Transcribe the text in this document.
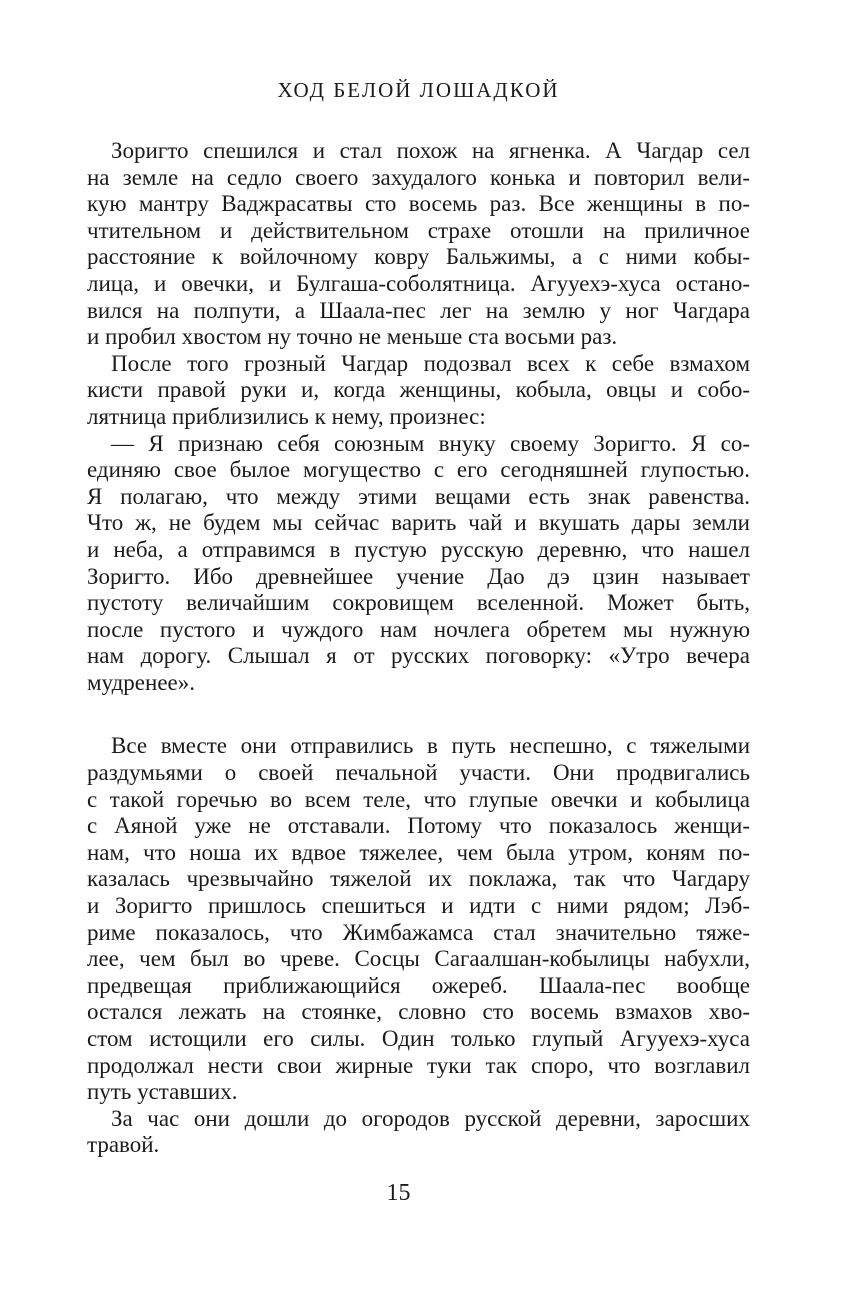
ХОД БЕЛОЙ ЛОШАДКОЙ
Зоригто спешился и стал похож на ягненка. А Чагдар сел
на земле на седло своего захудалого конька и повторил вели-
кую мантру Ваджрасатвы сто восемь раз. Все женщины в по-
чтительном и действительном страхе отошли на приличное
расстояние к войлочному ковру Бальжимы, а с ними кобы-
лица, и овечки, и Булгаша-соболятница. Агууехэ-хуса остано-
вился на полпути, а Шаала-пес лег на землю у ног Чагдара
и пробил хвостом ну точно не меньше ста восьми раз.
После того грозный Чагдар подозвал всех к себе взмахом
кисти правой руки и, когда женщины, кобыла, овцы и собо-
лятница приблизились к нему, произнес:
— Я признаю себя союзным внуку своему Зоригто. Я со-
единяю свое былое могущество с его сегодняшней глупостью.
Я полагаю, что между этими вещами есть знак равенства.
Что ж, не будем мы сейчас варить чай и вкушать дары земли
и неба, а отправимся в пустую русскую деревню, что нашел
Зоригто. Ибо древнейшее учение Дао дэ цзин называет
пустоту величайшим сокровищем вселенной. Может быть,
после пустого и чуждого нам ночлега обретем мы нужную
нам дорогу. Слышал я от русских поговорку: «Утро вечера
мудренее».
Все вместе они отправились в путь неспешно, с тяжелыми
раздумьями о своей печальной участи. Они продвигались
с такой горечью во всем теле, что глупые овечки и кобылица
с Аяной уже не отставали. Потому что показалось женщи-
нам, что ноша их вдвое тяжелее, чем была утром, коням по-
казалась чрезвычайно тяжелой их поклажа, так что Чагдару
и Зоригто пришлось спешиться и идти с ними рядом; Лэб-
риме показалось, что Жимбажамса стал значительно тяже-
лее, чем был во чреве. Сосцы Сагаалшан-кобылицы набухли,
предвещая приближающийся ожереб. Шаала-пес вообще
остался лежать на стоянке, словно сто восемь взмахов хво-
стом истощили его силы. Один только глупый Агууехэ-хуса
продолжал нести свои жирные туки так споро, что возглавил
путь уставших.
За час они дошли до огородов русской деревни, заросших
травой.
15
